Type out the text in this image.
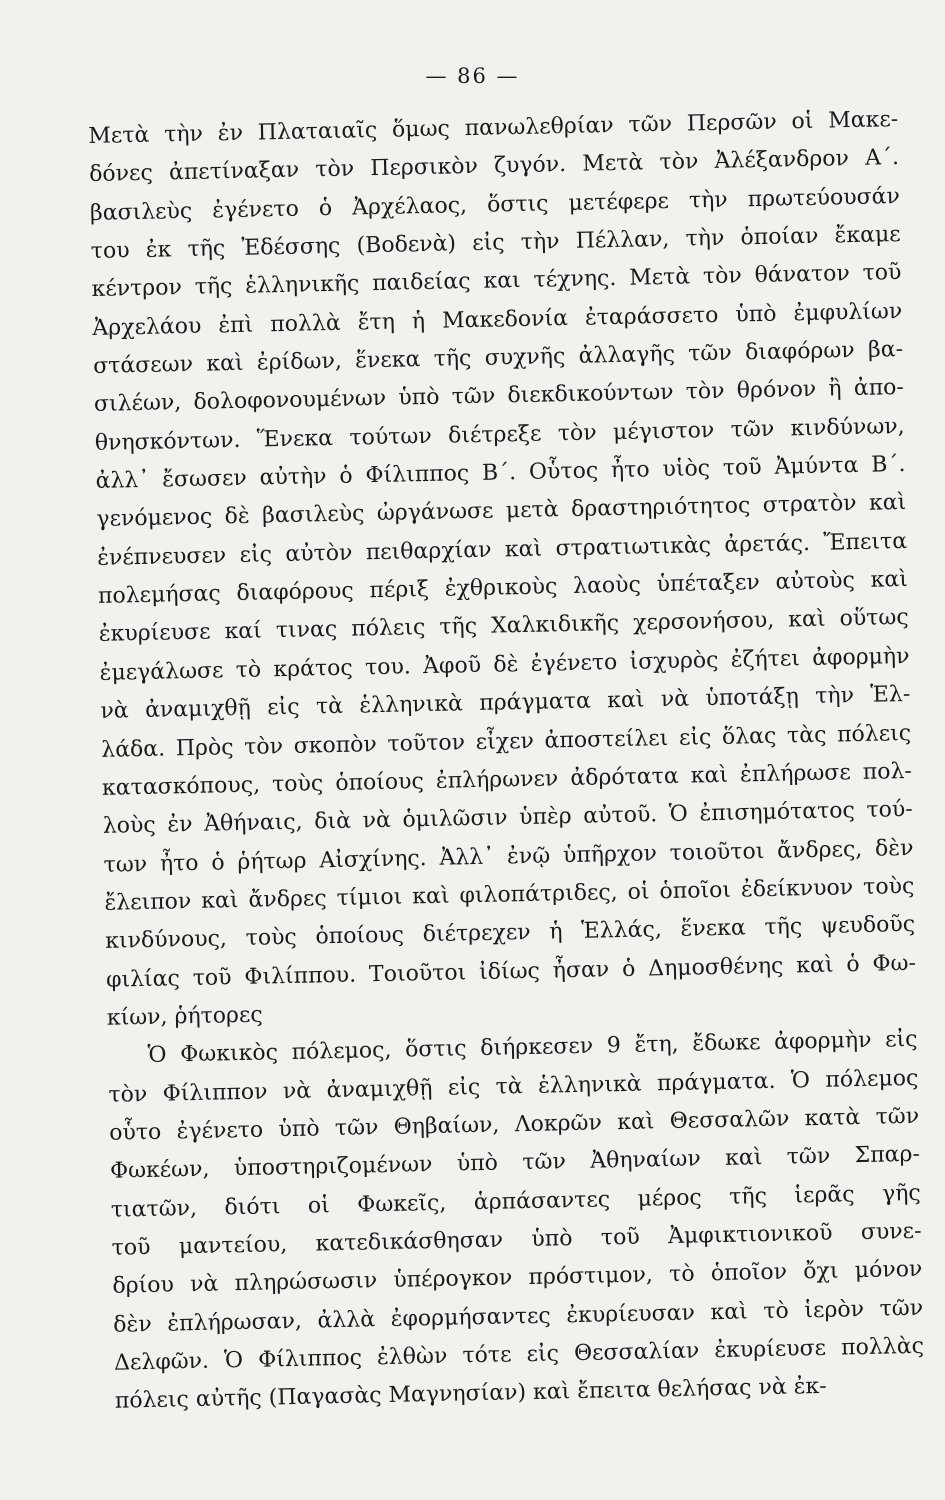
— 86 —
Μετὰ τὴν ἐν Πλαταιαῖς ὅμως πανωλεθρίαν τῶν Περσῶν οἱ Μακε-
δόνες ἀπετίναξαν τὸν Περσικὸν ζυγόν. Μετὰ τὸν Ἀλέξανδρον Α΄.
βασιλεὺς ἐγένετο ὁ Ἀρχέλαος, ὅστις μετέφερε τὴν πρωτεύουσάν
του ἐκ τῆς Ἐδέσσης (Βοδενὰ) εἰς τὴν Πέλλαν, τὴν ὁποίαν ἔκαμε
κέντρον τῆς ἑλληνικῆς παιδείας και τέχνης. Μετὰ τὸν θάνατον τοῦ
Ἀρχελάου ἐπὶ πολλὰ ἔτη ἡ Μακεδονία ἐταράσσετο ὑπὸ ἐμφυλίων
στάσεων καὶ ἐρίδων, ἕνεκα τῆς συχνῆς ἀλλαγῆς τῶν διαφόρων βα-
σιλέων, δολοφονουμένων ὑπὸ τῶν διεκδικούντων τὸν θρόνον ἢ ἀπο-
θνησκόντων. Ἕνεκα τούτων διέτρεξε τὸν μέγιστον τῶν κινδύνων,
ἀλλ᾽ ἔσωσεν αὐτὴν ὁ Φίλιππος Β΄. Οὗτος ἦτο υἱὸς τοῦ Ἀμύντα Β΄.
γενόμενος δὲ βασιλεὺς ὠργάνωσε μετὰ δραστηριότητος στρατὸν καὶ
ἐνέπνευσεν εἰς αὐτὸν πειθαρχίαν καὶ στρατιωτικὰς ἀρετάς. Ἔπειτα
πολεμήσας διαφόρους πέριξ ἐχθρικοὺς λαοὺς ὑπέταξεν αὐτοὺς καὶ
ἐκυρίευσε καί τινας πόλεις τῆς Χαλκιδικῆς χερσονήσου, καὶ οὕτως
ἐμεγάλωσε τὸ κράτος του. Ἀφοῦ δὲ ἐγένετο ἰσχυρὸς ἐζήτει ἀφορμὴν
νὰ ἀναμιχθῇ εἰς τὰ ἑλληνικὰ πράγματα καὶ νὰ ὑποτάξῃ τὴν Ἑλ-
λάδα. Πρὸς τὸν σκοπὸν τοῦτον εἶχεν ἀποστείλει εἰς ὅλας τὰς πόλεις
κατασκόπους, τοὺς ὁποίους ἐπλήρωνεν ἀδρότατα καὶ ἐπλήρωσε πολ-
λοὺς ἐν Ἀθήναις, διὰ νὰ ὁμιλῶσιν ὑπὲρ αὐτοῦ. Ὁ ἐπισημότατος τού-
των ἦτο ὁ ῥήτωρ Αἰσχίνης. Ἀλλ᾽ ἐνῷ ὑπῆρχον τοιοῦτοι ἄνδρες, δὲν
ἔλειπον καὶ ἄνδρες τίμιοι καὶ φιλοπάτριδες, οἱ ὁποῖοι ἐδείκνυον τοὺς
κινδύνους, τοὺς ὁποίους διέτρεχεν ἡ Ἑλλάς, ἕνεκα τῆς ψευδοῦς
φιλίας τοῦ Φιλίππου. Τοιοῦτοι ἰδίως ἦσαν ὁ Δημοσθένης καὶ ὁ Φω-
κίων, ῥήτορες
Ὁ Φωκικὸς πόλεμος, ὅστις διήρκεσεν 9 ἔτη, ἔδωκε ἀφορμὴν εἰς
τὸν Φίλιππον νὰ ἀναμιχθῇ εἰς τὰ ἑλληνικὰ πράγματα. Ὁ πόλεμος
οὗτο ἐγένετο ὑπὸ τῶν Θηβαίων, Λοκρῶν καὶ Θεσσαλῶν κατὰ τῶν
Φωκέων, ὑποστηριζομένων ὑπὸ τῶν Ἀθηναίων καὶ τῶν Σπαρ-
τιατῶν, διότι οἱ Φωκεῖς, ἁρπάσαντες μέρος τῆς ἱερᾶς γῆς
τοῦ μαντείου, κατεδικάσθησαν ὑπὸ τοῦ Ἀμφικτιονικοῦ συνε-
δρίου νὰ πληρώσωσιν ὑπέρογκον πρόστιμον, τὸ ὁποῖον ὄχι μόνον
δὲν ἐπλήρωσαν, ἀλλὰ ἐφορμήσαντες ἐκυρίευσαν καὶ τὸ ἱερὸν τῶν
Δελφῶν. Ὁ Φίλιππος ἐλθὼν τότε εἰς Θεσσαλίαν ἐκυρίευσε πολλὰς
πόλεις αὐτῆς (Παγασὰς Μαγνησίαν) καὶ ἔπειτα θελήσας νὰ ἐκ-
